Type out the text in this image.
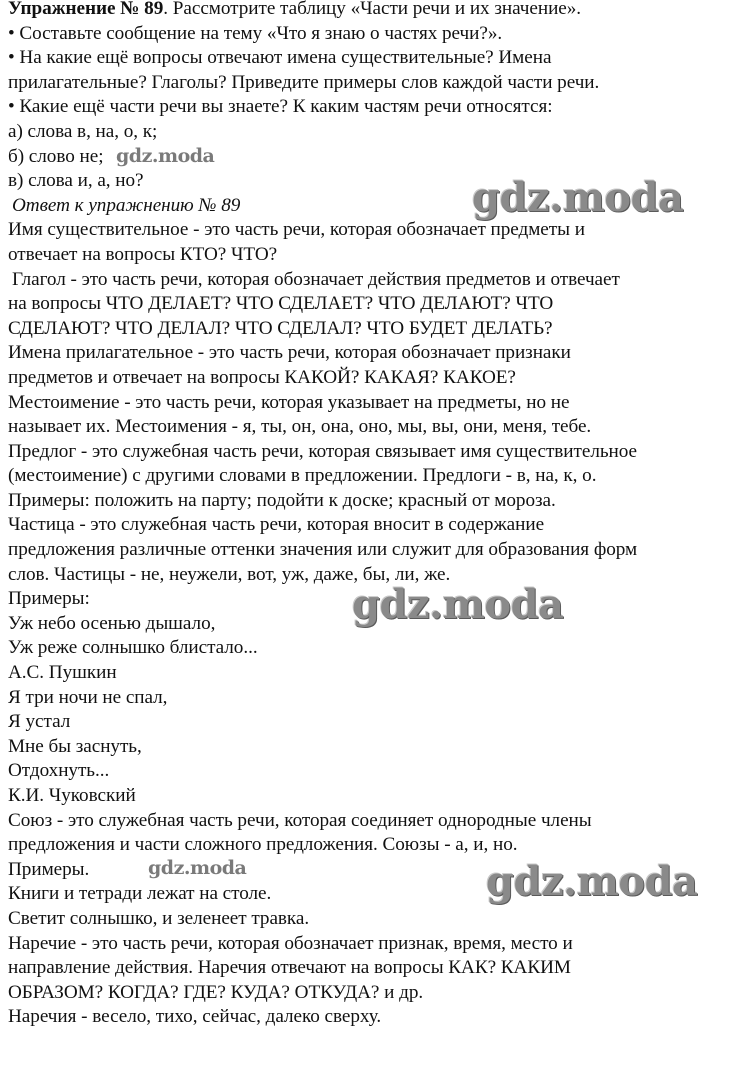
Упражнение № 89. Рассмотрите таблицу «Части речи и их значение».
• Составьте сообщение на тему «Что я знаю о частях речи?».
• На какие ещё вопросы отвечают имена существительные? Имена
прилагательные? Глаголы? Приведите примеры слов каждой части речи.
• Какие ещё части речи вы знаете? К каким частям речи относятся:
а) слова в, на, о, к;
б) слово не;
в) слова и, а, но?
Ответ к упражнению № 89
Имя существительное - это часть речи, которая обозначает предметы и
отвечает на вопросы КТО? ЧТО?
Глагол - это часть речи, которая обозначает действия предметов и отвечает
на вопросы ЧТО ДЕЛАЕТ? ЧТО СДЕЛАЕТ? ЧТО ДЕЛАЮТ? ЧТО
СДЕЛАЮТ? ЧТО ДЕЛАЛ? ЧТО СДЕЛАЛ? ЧТО БУДЕТ ДЕЛАТЬ?
Имена прилагательное - это часть речи, которая обозначает признаки
предметов и отвечает на вопросы КАКОЙ? КАКАЯ? КАКОЕ?
Местоимение - это часть речи, которая указывает на предметы, но не
называет их. Местоимения - я, ты, он, она, оно, мы, вы, они, меня, тебе.
Предлог - это служебная часть речи, которая связывает имя существительное
(местоимение) с другими словами в предложении. Предлоги - в, на, к, о.
Примеры: положить на парту; подойти к доске; красный от мороза.
Частица - это служебная часть речи, которая вносит в содержание
предложения различные оттенки значения или служит для образования форм
слов. Частицы - не, неужели, вот, уж, даже, бы, ли, же.
Примеры:
Уж небо осенью дышало,
Уж реже солнышко блистало...
А.С. Пушкин
Я три ночи не спал,
Я устал
Мне бы заснуть,
Отдохнуть...
К.И. Чуковский
Союз - это служебная часть речи, которая соединяет однородные члены
предложения и части сложного предложения. Союзы - а, и, но.
Примеры.
Книги и тетради лежат на столе.
Светит солнышко, и зеленеет травка.
Наречие - это часть речи, которая обозначает признак, время, место и
направление действия. Наречия отвечают на вопросы КАК? КАКИМ
ОБРАЗОМ? КОГДА? ГДЕ? КУДА? ОТКУДА? и др.
Наречия - весело, тихо, сейчас, далеко сверху.
gdz.moda
gdz.moda
gdz.moda
gdz.moda	gdz.moda
